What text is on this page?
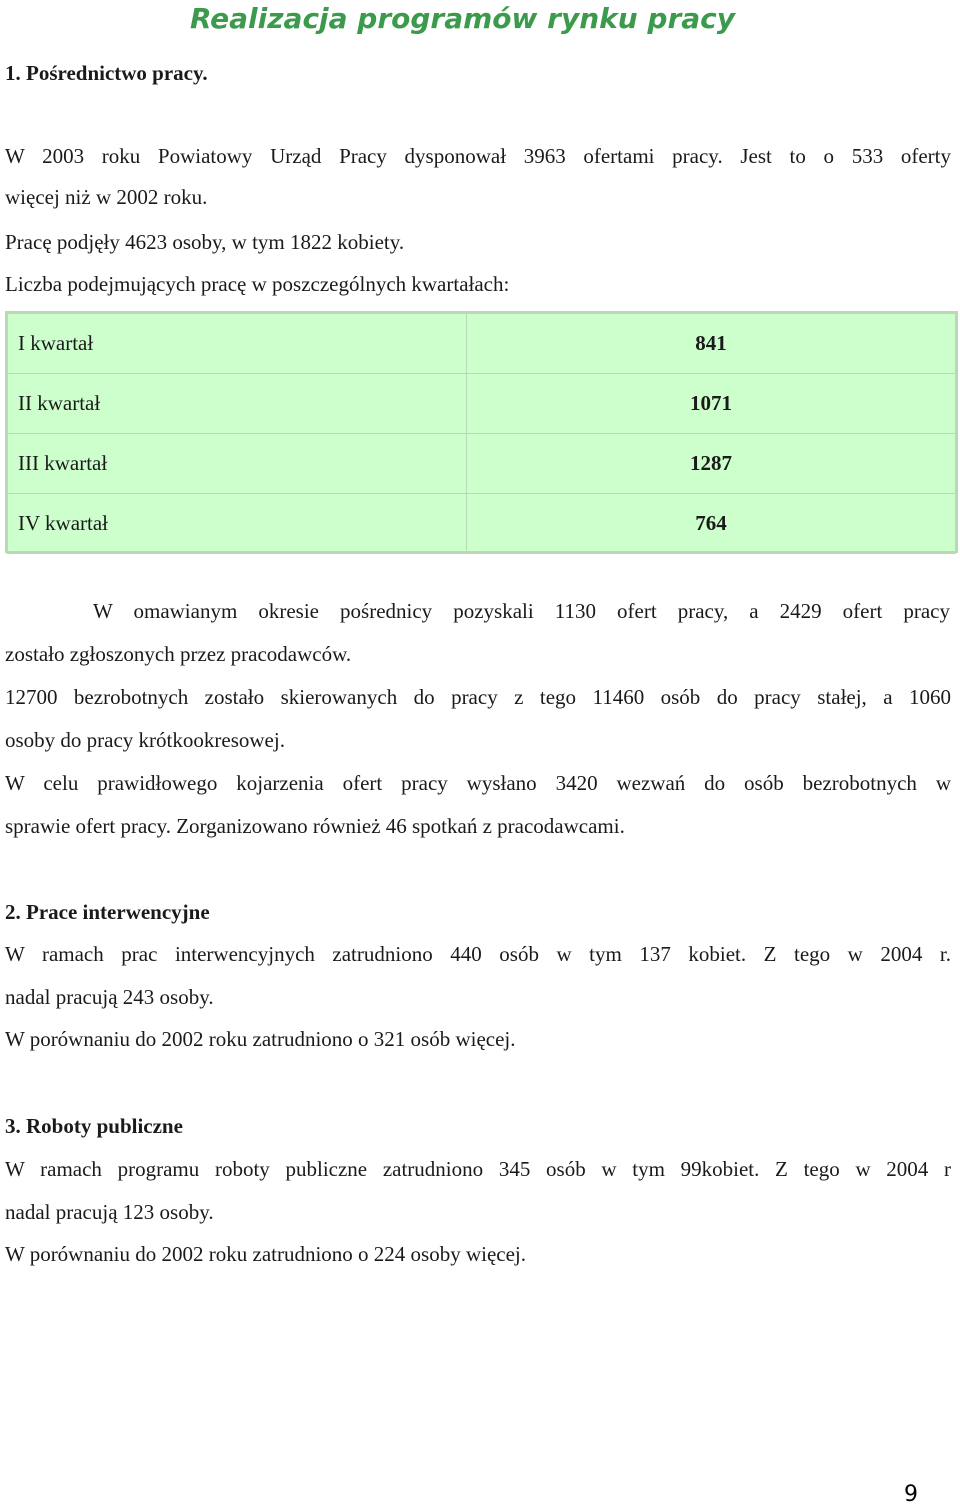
Realizacja programów rynku pracy
1. Pośrednictwo pracy.
W 2003 roku Powiatowy Urząd Pracy dysponował 3963 ofertami pracy. Jest to o 533 oferty
więcej niż w 2002 roku.
Pracę podjęły 4623 osoby, w tym 1822 kobiety.
Liczba podejmujących pracę w poszczególnych kwartałach:
I kwartał	841
II kwartał	1071
III kwartał	1287
IV kwartał	764
W omawianym okresie pośrednicy pozyskali 1130 ofert pracy, a 2429 ofert pracy
zostało zgłoszonych przez pracodawców.
12700 bezrobotnych zostało skierowanych do pracy z tego 11460 osób do pracy stałej, a 1060
osoby do pracy krótkookresowej.
W celu prawidłowego kojarzenia ofert pracy wysłano 3420 wezwań do osób bezrobotnych w
sprawie ofert pracy. Zorganizowano również 46 spotkań z pracodawcami.
2. Prace interwencyjne
W ramach prac interwencyjnych zatrudniono 440 osób w tym 137 kobiet. Z tego w 2004 r.
nadal pracują 243 osoby.
W porównaniu do 2002 roku zatrudniono o 321 osób więcej.
3. Roboty publiczne
W ramach programu roboty publiczne zatrudniono 345 osób w tym 99kobiet. Z tego w 2004 r
nadal pracują 123 osoby.
W porównaniu do 2002 roku zatrudniono o 224 osoby więcej.
9
